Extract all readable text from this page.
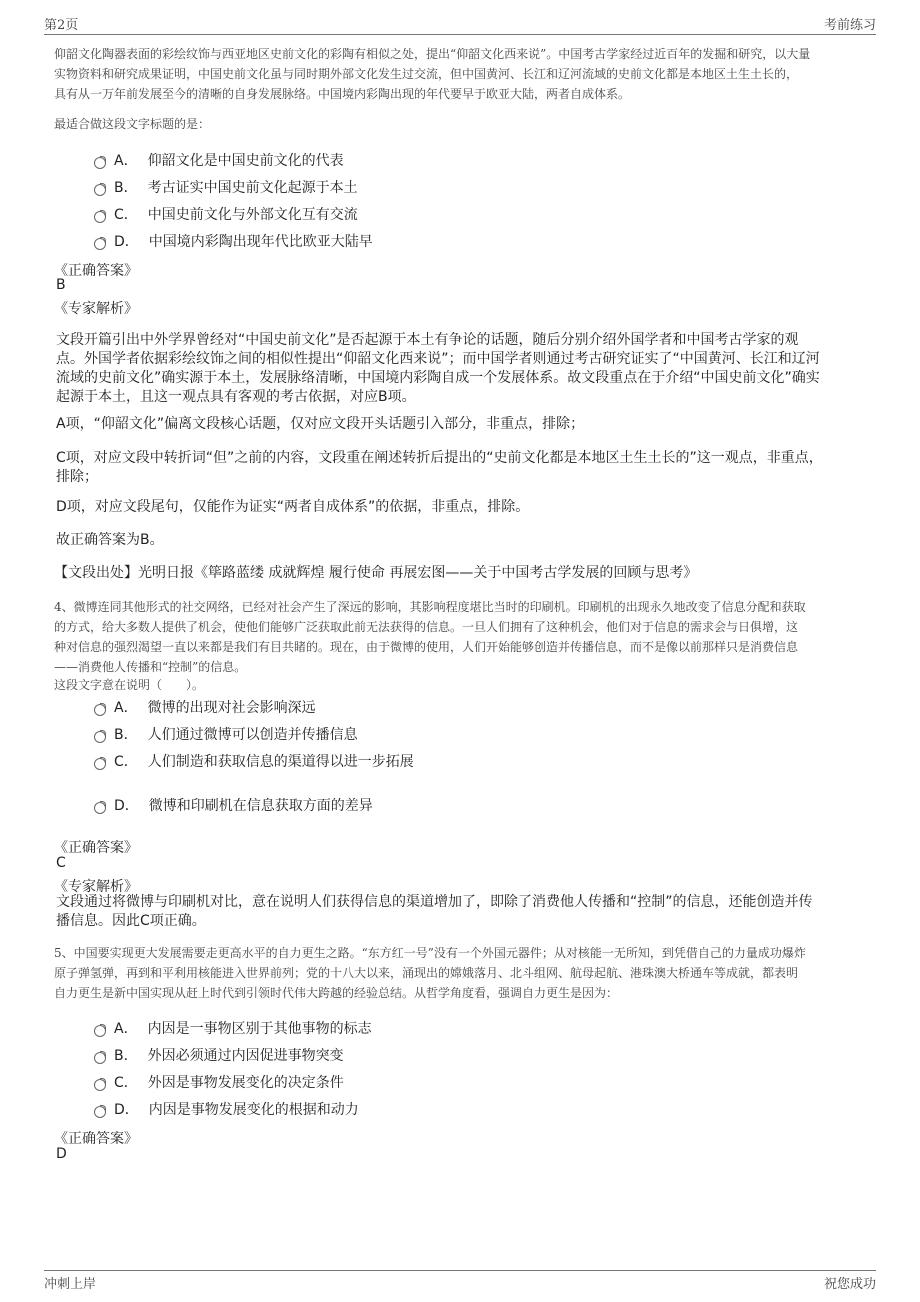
第2页	考前练习
仰韶文化陶器表面的彩绘纹饰与西亚地区史前文化的彩陶有相似之处，提出“仰韶文化西来说”。中国考古学家经过近百年的发掘和研究，以大量
实物资料和研究成果证明，中国史前文化虽与同时期外部文化发生过交流，但中国黄河、长江和辽河流域的史前文化都是本地区土生土长的，
具有从一万年前发展至今的清晰的自身发展脉络。中国境内彩陶出现的年代要早于欧亚大陆，两者自成体系。
最适合做这段文字标题的是：
A． 仰韶文化是中国史前文化的代表
B． 考古证实中国史前文化起源于本土
C． 中国史前文化与外部文化互有交流
D． 中国境内彩陶出现年代比欧亚大陆早
《正确答案》
B
《专家解析》
文段开篇引出中外学界曾经对“中国史前文化”是否起源于本土有争论的话题，随后分别介绍外国学者和中国考古学家的观
点。外国学者依据彩绘纹饰之间的相似性提出“仰韶文化西来说”；而中国学者则通过考古研究证实了“中国黄河、长江和辽河
流域的史前文化”确实源于本土，发展脉络清晰，中国境内彩陶自成一个发展体系。故文段重点在于介绍“中国史前文化”确实
起源于本土，且这一观点具有客观的考古依据，对应B项。
A项，“仰韶文化”偏离文段核心话题，仅对应文段开头话题引入部分，非重点，排除；
C项，对应文段中转折词“但”之前的内容，文段重在阐述转折后提出的“史前文化都是本地区土生土长的”这一观点，非重点，
排除；
D项，对应文段尾句，仅能作为证实“两者自成体系”的依据，非重点，排除。
故正确答案为B。
【文段出处】光明日报《筚路蓝缕 成就辉煌 履行使命 再展宏图——关于中国考古学发展的回顾与思考》
4、微博连同其他形式的社交网络，已经对社会产生了深远的影响，其影响程度堪比当时的印刷机。印刷机的出现永久地改变了信息分配和获取
的方式，给大多数人提供了机会，使他们能够广泛获取此前无法获得的信息。一旦人们拥有了这种机会，他们对于信息的需求会与日俱增，这
种对信息的强烈渴望一直以来都是我们有目共睹的。现在，由于微博的使用，人们开始能够创造并传播信息，而不是像以前那样只是消费信息
——消费他人传播和“控制”的信息。
这段文字意在说明（　　）。
A． 微博的出现对社会影响深远
B． 人们通过微博可以创造并传播信息
C． 人们制造和获取信息的渠道得以进一步拓展
D． 微博和印刷机在信息获取方面的差异
《正确答案》
C
《专家解析》
文段通过将微博与印刷机对比，意在说明人们获得信息的渠道增加了，即除了消费他人传播和“控制”的信息，还能创造并传
播信息。因此C项正确。
5、中国要实现更大发展需要走更高水平的自力更生之路。“东方红一号”没有一个外国元器件；从对核能一无所知，到凭借自己的力量成功爆炸
原子弹氢弹，再到和平利用核能进入世界前列；党的十八大以来，涌现出的嫦娥落月、北斗组网、航母起航、港珠澳大桥通车等成就，都表明
自力更生是新中国实现从赶上时代到引领时代伟大跨越的经验总结。从哲学角度看，强调自力更生是因为：
A． 内因是一事物区别于其他事物的标志
B． 外因必须通过内因促进事物突变
C． 外因是事物发展变化的决定条件
D． 内因是事物发展变化的根据和动力
《正确答案》
D
冲刺上岸	祝您成功
